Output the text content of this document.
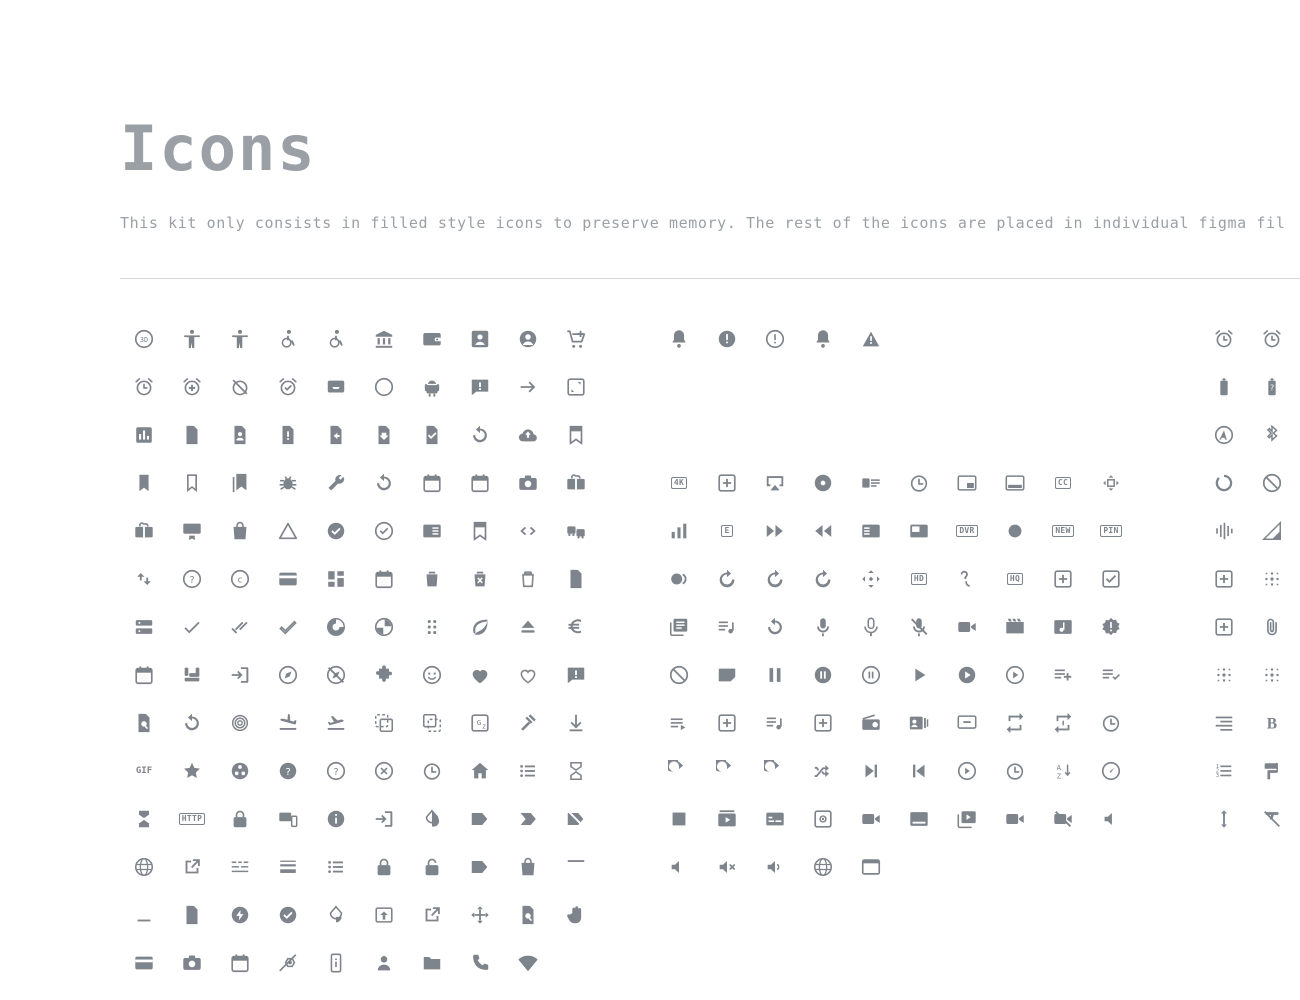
Icons

This kit only consists in filled style icons to preserve memory. The rest of the icons are placed in individual figma fil

3D
?	c
G z
GIF	?	?
HTTP
4K	CC
E	DVR	NEW	PIN
HD	HQ
A
Z
?
B
1
2
3
